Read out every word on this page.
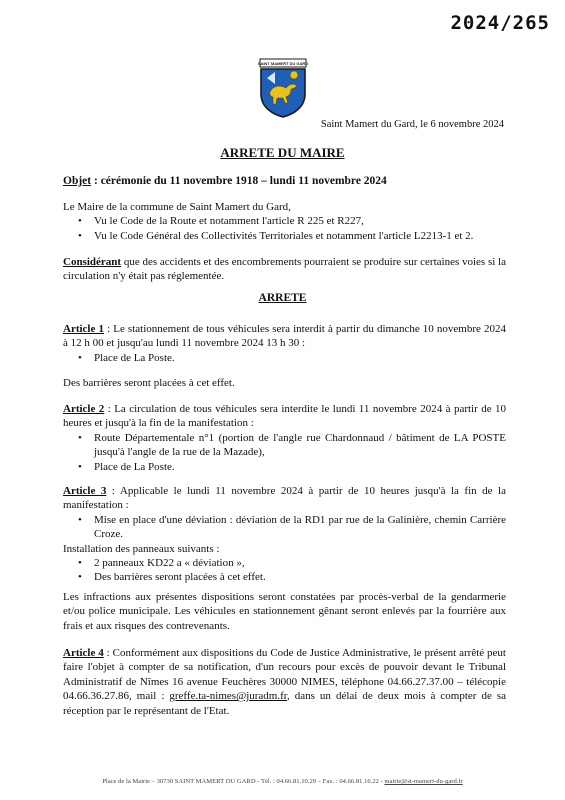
2024/265
SAINT MAMERT DU GARD
Saint Mamert du Gard, le 6 novembre 2024
ARRETE DU MAIRE
Objet : cérémonie du 11 novembre 1918 – lundi 11 novembre 2024
Le Maire de la commune de Saint Mamert du Gard,
• Vu le Code de la Route et notamment l'article R 225 et R227,
• Vu le Code Général des Collectivités Territoriales et notamment l'article L2213-1 et 2.
Considérant que des accidents et des encombrements pourraient se produire sur certaines voies si la circulation n'y était pas réglementée.
ARRETE
Article 1 : Le stationnement de tous véhicules sera interdit à partir du dimanche 10 novembre 2024 à 12 h 00 et jusqu'au lundi 11 novembre 2024 13 h 30 :
• Place de La Poste.
Des barrières seront placées à cet effet.
Article 2 : La circulation de tous véhicules sera interdite le lundi 11 novembre 2024 à partir de 10 heures et jusqu'à la fin de la manifestation :
• Route Départementale n°1 (portion de l'angle rue Chardonnaud / bâtiment de LA POSTE jusqu'à l'angle de la rue de la Mazade),
• Place de La Poste.
Article 3 : Applicable le lundi 11 novembre 2024 à partir de 10 heures jusqu'à la fin de la manifestation :
• Mise en place d'une déviation : déviation de la RD1 par rue de la Galinière, chemin Carrière Croze.
Installation des panneaux suivants :
• 2 panneaux KD22 a « déviation »,
• Des barrières seront placées à cet effet.
Les infractions aux présentes dispositions seront constatées par procès-verbal de la gendarmerie et/ou police municipale. Les véhicules en stationnement gênant seront enlevés par la fourrière aux frais et aux risques des contrevenants.
Article 4 : Conformément aux dispositions du Code de Justice Administrative, le présent arrêté peut faire l'objet à compter de sa notification, d'un recours pour excès de pouvoir devant le Tribunal Administratif de Nîmes 16 avenue Feuchères 30000 NIMES, téléphone 04.66.27.37.00 – télécopie 04.66.36.27.86, mail : greffe.ta-nimes@juradm.fr, dans un délai de deux mois à compter de sa réception par le représentant de l'Etat.
Place de la Mairie – 30730 SAINT MAMERT DU GARD - Tél. : 04.66.81.10.29 – Fax. : 04.66.81.16.22 - mairie@st-mamert-du-gard.fr
